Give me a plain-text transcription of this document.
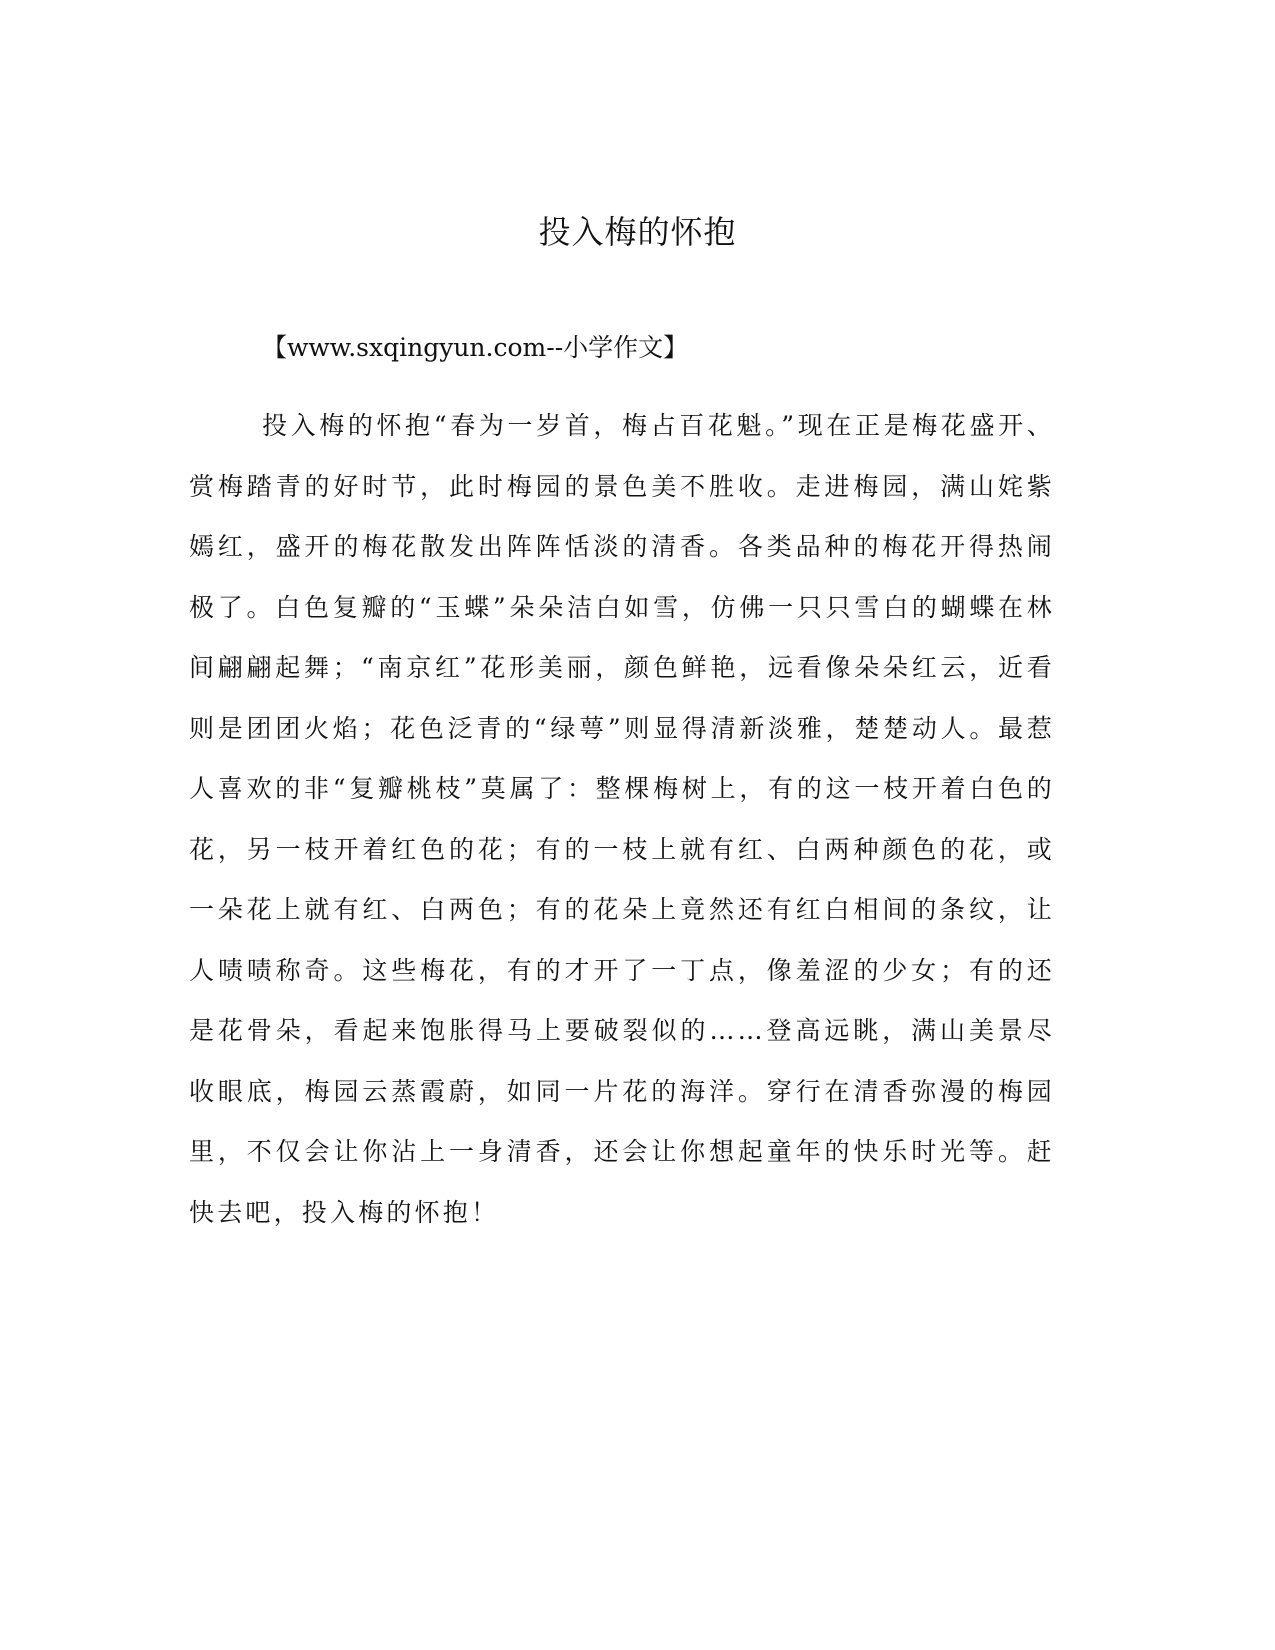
投入梅的怀抱
【www.sxqingyun.com--小学作文】

投入梅的怀抱“春为一岁首，梅占百花魁。”现在正是梅花盛开、赏梅踏青的好时节，此时梅园的景色美不胜收。走进梅园，满山姹紫嫣红，盛开的梅花散发出阵阵恬淡的清香。各类品种的梅花开得热闹极了。白色复瓣的“玉蝶”朵朵洁白如雪，仿佛一只只雪白的蝴蝶在林间翩翩起舞；“南京红”花形美丽，颜色鲜艳，远看像朵朵红云，近看则是团团火焰；花色泛青的“绿萼”则显得清新淡雅，楚楚动人。最惹人喜欢的非“复瓣桃枝”莫属了：整棵梅树上，有的这一枝开着白色的花，另一枝开着红色的花；有的一枝上就有红、白两种颜色的花，或一朵花上就有红、白两色；有的花朵上竟然还有红白相间的条纹，让人啧啧称奇。这些梅花，有的才开了一丁点，像羞涩的少女；有的还是花骨朵，看起来饱胀得马上要破裂似的……登高远眺，满山美景尽收眼底，梅园云蒸霞蔚，如同一片花的海洋。穿行在清香弥漫的梅园里，不仅会让你沾上一身清香，还会让你想起童年的快乐时光等。赶快去吧，投入梅的怀抱！
